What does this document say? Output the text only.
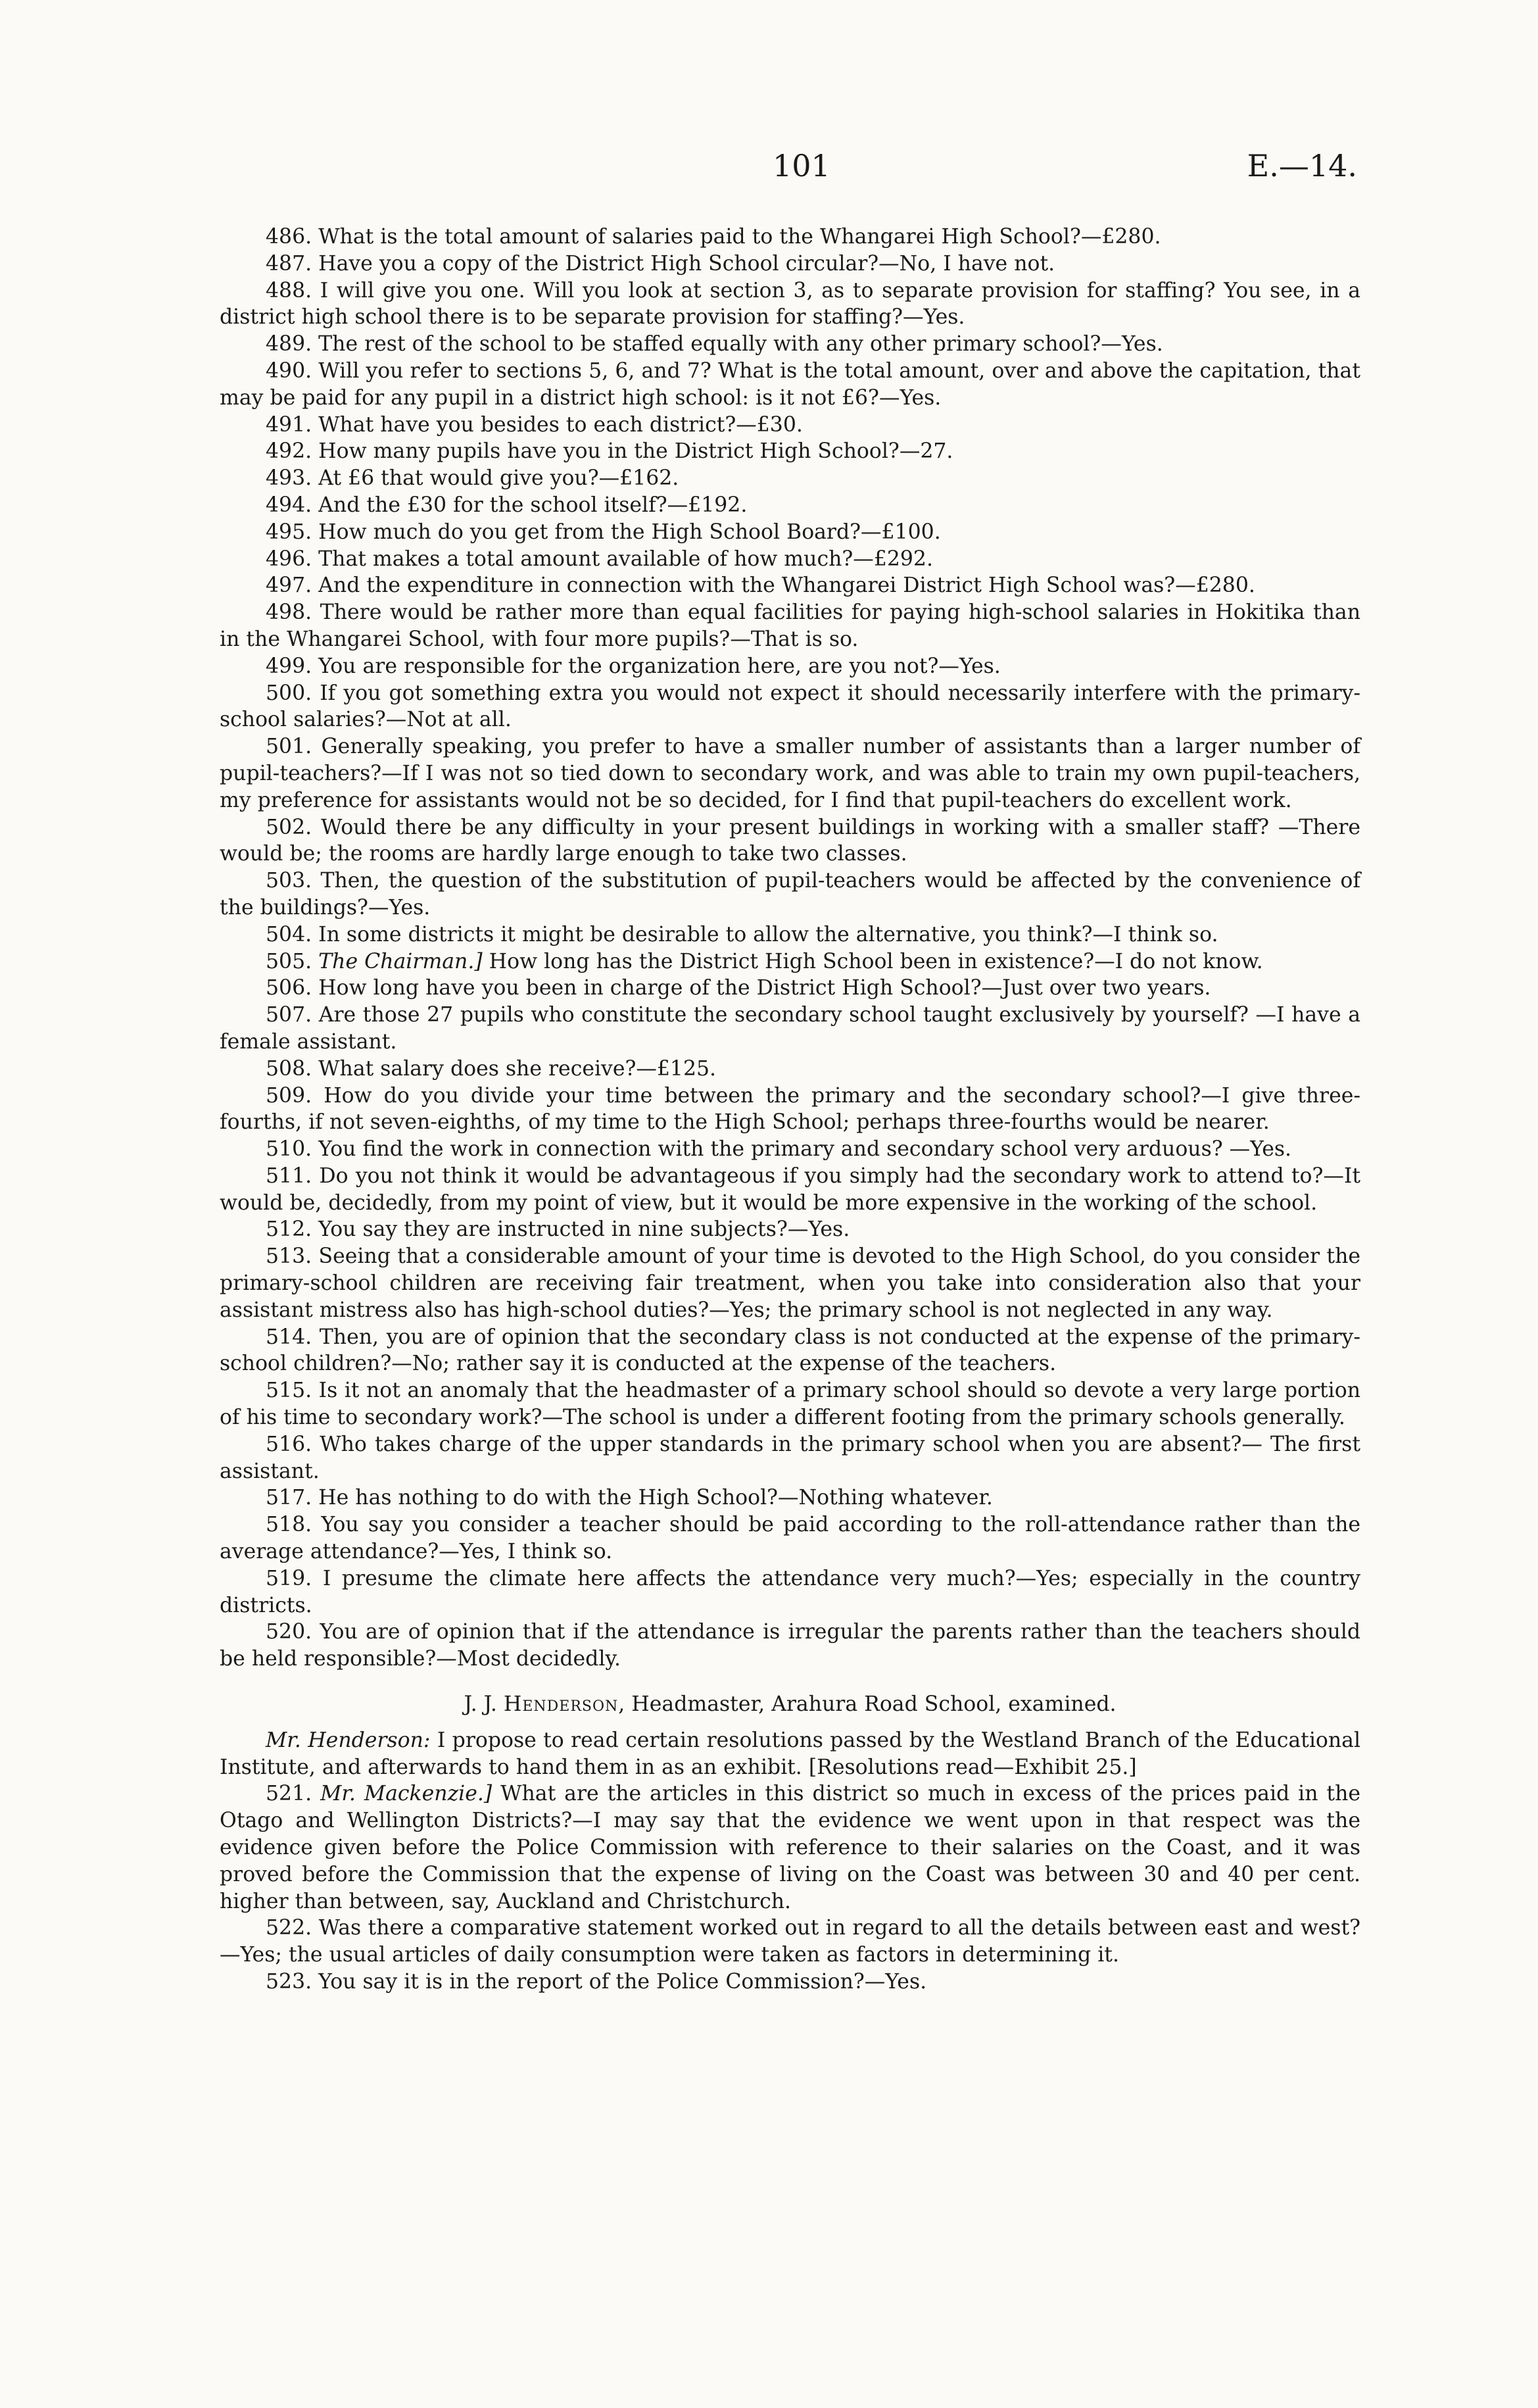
101	E.—14.

486. What is the total amount of salaries paid to the Whangarei High School?—£280.

487. Have you a copy of the District High School circular?—No, I have not.

488. I will give you one. Will you look at section 3, as to separate provision for staffing? You see, in a district high school there is to be separate provision for staffing?—Yes.

489. The rest of the school to be staffed equally with any other primary school?—Yes.

490. Will you refer to sections 5, 6, and 7? What is the total amount, over and above the capitation, that may be paid for any pupil in a district high school: is it not £6?—Yes.

491. What have you besides to each district?—£30.

492. How many pupils have you in the District High School?—27.

493. At £6 that would give you?—£162.

494. And the £30 for the school itself?—£192.

495. How much do you get from the High School Board?—£100.

496. That makes a total amount available of how much?—£292.

497. And the expenditure in connection with the Whangarei District High School was?—£280.

498. There would be rather more than equal facilities for paying high-school salaries in Hokitika than in the Whangarei School, with four more pupils?—That is so.

499. You are responsible for the organization here, are you not?—Yes.

500. If you got something extra you would not expect it should necessarily interfere with the primary-school salaries?—Not at all.

501. Generally speaking, you prefer to have a smaller number of assistants than a larger number of pupil-teachers?—If I was not so tied down to secondary work, and was able to train my own pupil-teachers, my preference for assistants would not be so decided, for I find that pupil-teachers do excellent work.

502. Would there be any difficulty in your present buildings in working with a smaller staff? —There would be; the rooms are hardly large enough to take two classes.

503. Then, the question of the substitution of pupil-teachers would be affected by the convenience of the buildings?—Yes.

504. In some districts it might be desirable to allow the alternative, you think?—I think so.

505. The Chairman.] How long has the District High School been in existence?—I do not know.

506. How long have you been in charge of the District High School?—Just over two years.

507. Are those 27 pupils who constitute the secondary school taught exclusively by yourself? —I have a female assistant.

508. What salary does she receive?—£125.

509. How do you divide your time between the primary and the secondary school?—I give three-fourths, if not seven-eighths, of my time to the High School; perhaps three-fourths would be nearer.

510. You find the work in connection with the primary and secondary school very arduous? —Yes.

511. Do you not think it would be advantageous if you simply had the secondary work to attend to?—It would be, decidedly, from my point of view, but it would be more expensive in the working of the school.

512. You say they are instructed in nine subjects?—Yes.

513. Seeing that a considerable amount of your time is devoted to the High School, do you consider the primary-school children are receiving fair treatment, when you take into consideration also that your assistant mistress also has high-school duties?—Yes; the primary school is not neglected in any way.

514. Then, you are of opinion that the secondary class is not conducted at the expense of the primary-school children?—No; rather say it is conducted at the expense of the teachers.

515. Is it not an anomaly that the headmaster of a primary school should so devote a very large portion of his time to secondary work?—The school is under a different footing from the primary schools generally.

516. Who takes charge of the upper standards in the primary school when you are absent?— The first assistant.

517. He has nothing to do with the High School?—Nothing whatever.

518. You say you consider a teacher should be paid according to the roll-attendance rather than the average attendance?—Yes, I think so.

519. I presume the climate here affects the attendance very much?—Yes; especially in the country districts.

520. You are of opinion that if the attendance is irregular the parents rather than the teachers should be held responsible?—Most decidedly.

J. J. Henderson, Headmaster, Arahura Road School, examined.

Mr. Henderson: I propose to read certain resolutions passed by the Westland Branch of the Educational Institute, and afterwards to hand them in as an exhibit. [Resolutions read—Exhibit 25.]

521. Mr. Mackenzie.] What are the articles in this district so much in excess of the prices paid in the Otago and Wellington Districts?—I may say that the evidence we went upon in that respect was the evidence given before the Police Commission with reference to their salaries on the Coast, and it was proved before the Commission that the expense of living on the Coast was between 30 and 40 per cent. higher than between, say, Auckland and Christchurch.

522. Was there a comparative statement worked out in regard to all the details between east and west?—Yes; the usual articles of daily consumption were taken as factors in determining it.

523. You say it is in the report of the Police Commission?—Yes.
